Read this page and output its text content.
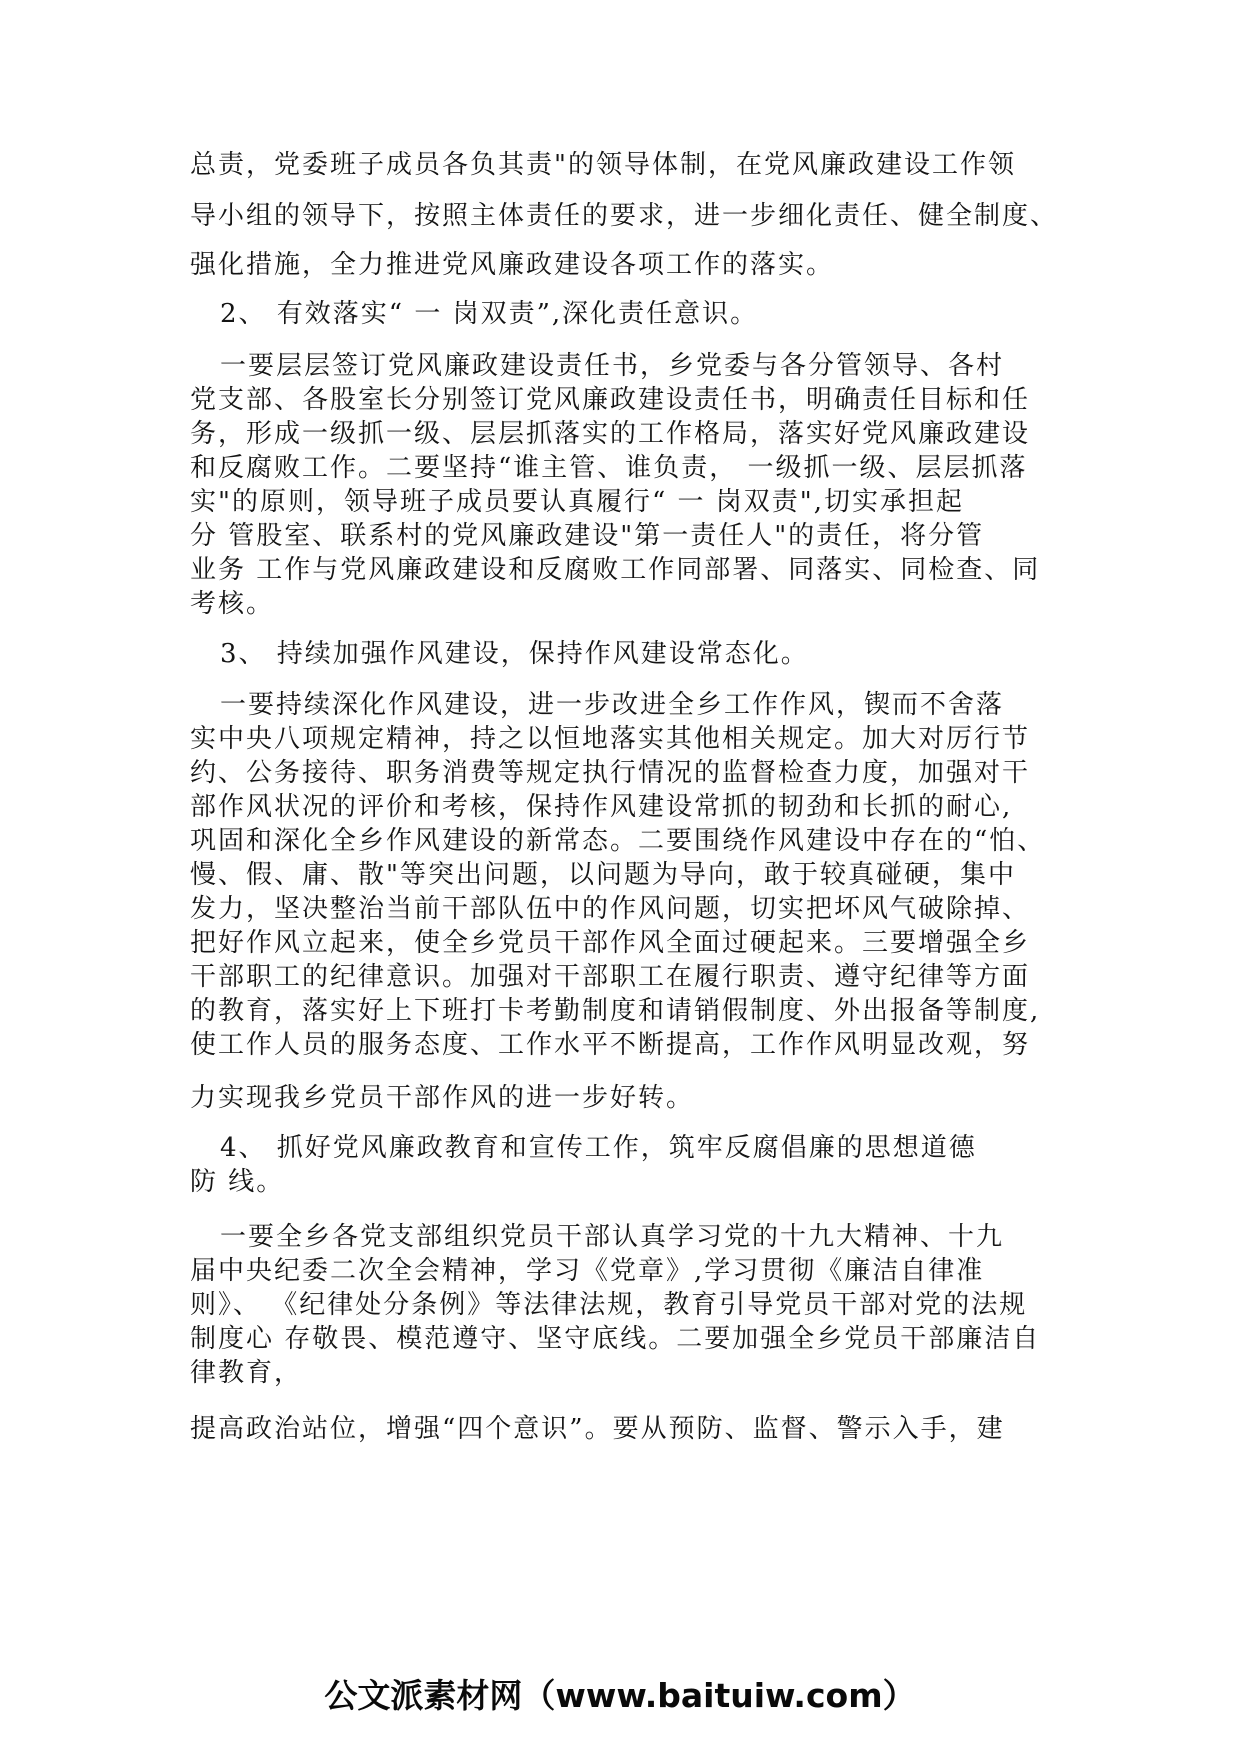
总责，党委班子成员各负其责"的领导体制，在党风廉政建设工作领
导小组的领导下，按照主体责任的要求，进一步细化责任、健全制度、
强化措施，全力推进党风廉政建设各项工作的落实。
2、 有效落实“ 一 岗双责”,深化责任意识。
一要层层签订党风廉政建设责任书，乡党委与各分管领导、各村
党支部、各股室长分别签订党风廉政建设责任书，明确责任目标和任
务，形成一级抓一级、层层抓落实的工作格局，落实好党风廉政建设
和反腐败工作。二要坚持“谁主管、谁负责， 一级抓一级、层层抓落
实"的原则，领导班子成员要认真履行“ 一 岗双责",切实承担起
分 管股室、联系村的党风廉政建设"第一责任人"的责任，将分管
业务 工作与党风廉政建设和反腐败工作同部署、同落实、同检查、同
考核。
3、 持续加强作风建设，保持作风建设常态化。
一要持续深化作风建设，进一步改进全乡工作作风，锲而不舍落
实中央八项规定精神，持之以恒地落实其他相关规定。加大对厉行节
约、公务接待、职务消费等规定执行情况的监督检查力度，加强对干
部作风状况的评价和考核，保持作风建设常抓的韧劲和长抓的耐心,
巩固和深化全乡作风建设的新常态。二要围绕作风建设中存在的“怕、
慢、假、庸、散"等突出问题，以问题为导向，敢于较真碰硬，集中
发力，坚决整治当前干部队伍中的作风问题，切实把坏风气破除掉、
把好作风立起来，使全乡党员干部作风全面过硬起来。三要增强全乡
干部职工的纪律意识。加强对干部职工在履行职责、遵守纪律等方面
的教育，落实好上下班打卡考勤制度和请销假制度、外出报备等制度,
使工作人员的服务态度、工作水平不断提高，工作作风明显改观，努
力实现我乡党员干部作风的进一步好转。
4、 抓好党风廉政教育和宣传工作，筑牢反腐倡廉的思想道德
防 线。
一要全乡各党支部组织党员干部认真学习党的十九大精神、十九
届中央纪委二次全会精神，学习《党章》,学习贯彻《廉洁自律准
则》、 《纪律处分条例》等法律法规，教育引导党员干部对党的法规
制度心 存敬畏、模范遵守、坚守底线。二要加强全乡党员干部廉洁自
律教育，
提高政治站位，增强“四个意识”。要从预防、监督、警示入手，建
公文派素材网（www.baituiw.com）
